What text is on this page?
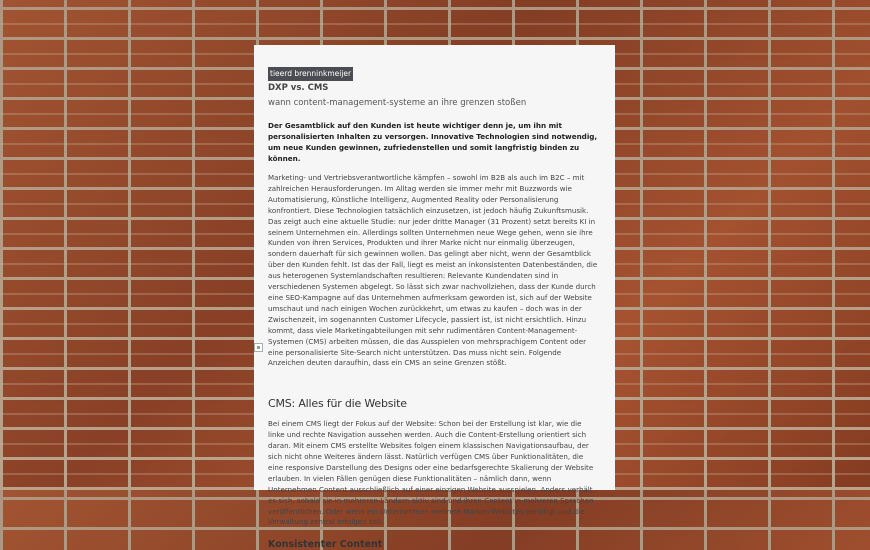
tieerd brenninkmeijer
DXP vs. CMS
wann content-management-systeme an ihre grenzen stoßen
Der Gesamtblick auf den Kunden ist heute wichtiger denn je, um ihn mit personalisierten Inhalten zu versorgen. Innovative Technologien sind notwendig, um neue Kunden gewinnen, zufriedenstellen und somit langfristig binden zu können.
Marketing- und Vertriebsverantwortliche kämpfen – sowohl im B2B als auch im B2C – mit zahlreichen Herausforderungen. Im Alltag werden sie immer mehr mit Buzzwords wie Automatisierung, Künstliche Intelligenz, Augmented Reality oder Personalisierung konfrontiert. Diese Technologien tatsächlich einzusetzen, ist jedoch häufig Zukunftsmusik. Das zeigt auch eine aktuelle Studie: nur jeder dritte Manager (31 Prozent) setzt bereits KI in seinem Unternehmen ein. Allerdings sollten Unternehmen neue Wege gehen, wenn sie ihre Kunden von ihren Services, Produkten und ihrer Marke nicht nur einmalig überzeugen, sondern dauerhaft für sich gewinnen wollen. Das gelingt aber nicht, wenn der Gesamtblick über den Kunden fehlt. Ist das der Fall, liegt es meist an inkonsistenten Datenbeständen, die aus heterogenen Systemlandschaften resultieren: Relevante Kundendaten sind in verschiedenen Systemen abgelegt. So lässt sich zwar nachvollziehen, dass der Kunde durch eine SEO-Kampagne auf das Unternehmen aufmerksam geworden ist, sich auf der Website umschaut und nach einigen Wochen zurückkehrt, um etwas zu kaufen – doch was in der Zwischenzeit, im sogenannten Customer Lifecycle, passiert ist, ist nicht ersichtlich. Hinzu kommt, dass viele Marketingabteilungen mit sehr rudimentären Content-Management-Systemen (CMS) arbeiten müssen, die das Ausspielen von mehrsprachigem Content oder eine personalisierte Site-Search nicht unterstützen. Das muss nicht sein. Folgende Anzeichen deuten daraufhin, dass ein CMS an seine Grenzen stößt.
CMS: Alles für die Website
Bei einem CMS liegt der Fokus auf der Website: Schon bei der Erstellung ist klar, wie die linke und rechte Navigation aussehen werden. Auch die Content-Erstellung orientiert sich daran. Mit einem CMS erstellte Websites folgen einem klassischen Navigationsaufbau, der sich nicht ohne Weiteres ändern lässt. Natürlich verfügen CMS über Funktionalitäten, die eine responsive Darstellung des Designs oder eine bedarfsgerechte Skalierung der Website erlauben. In vielen Fällen genügen diese Funktionalitäten – nämlich dann, wenn Unternehmen Content ausschließlich auf einer einzigen Website ausspielen. Anders verhält es sich, sobald sie in mehreren Ländern aktiv sind und ihren Content in mehreren Sprachen veröffentlichen. Oder wenn ein Unternehmen mehrere Marken-Websites benötigt und die Verwaltung zentral erfolgen soll.
Konsistenter Content
